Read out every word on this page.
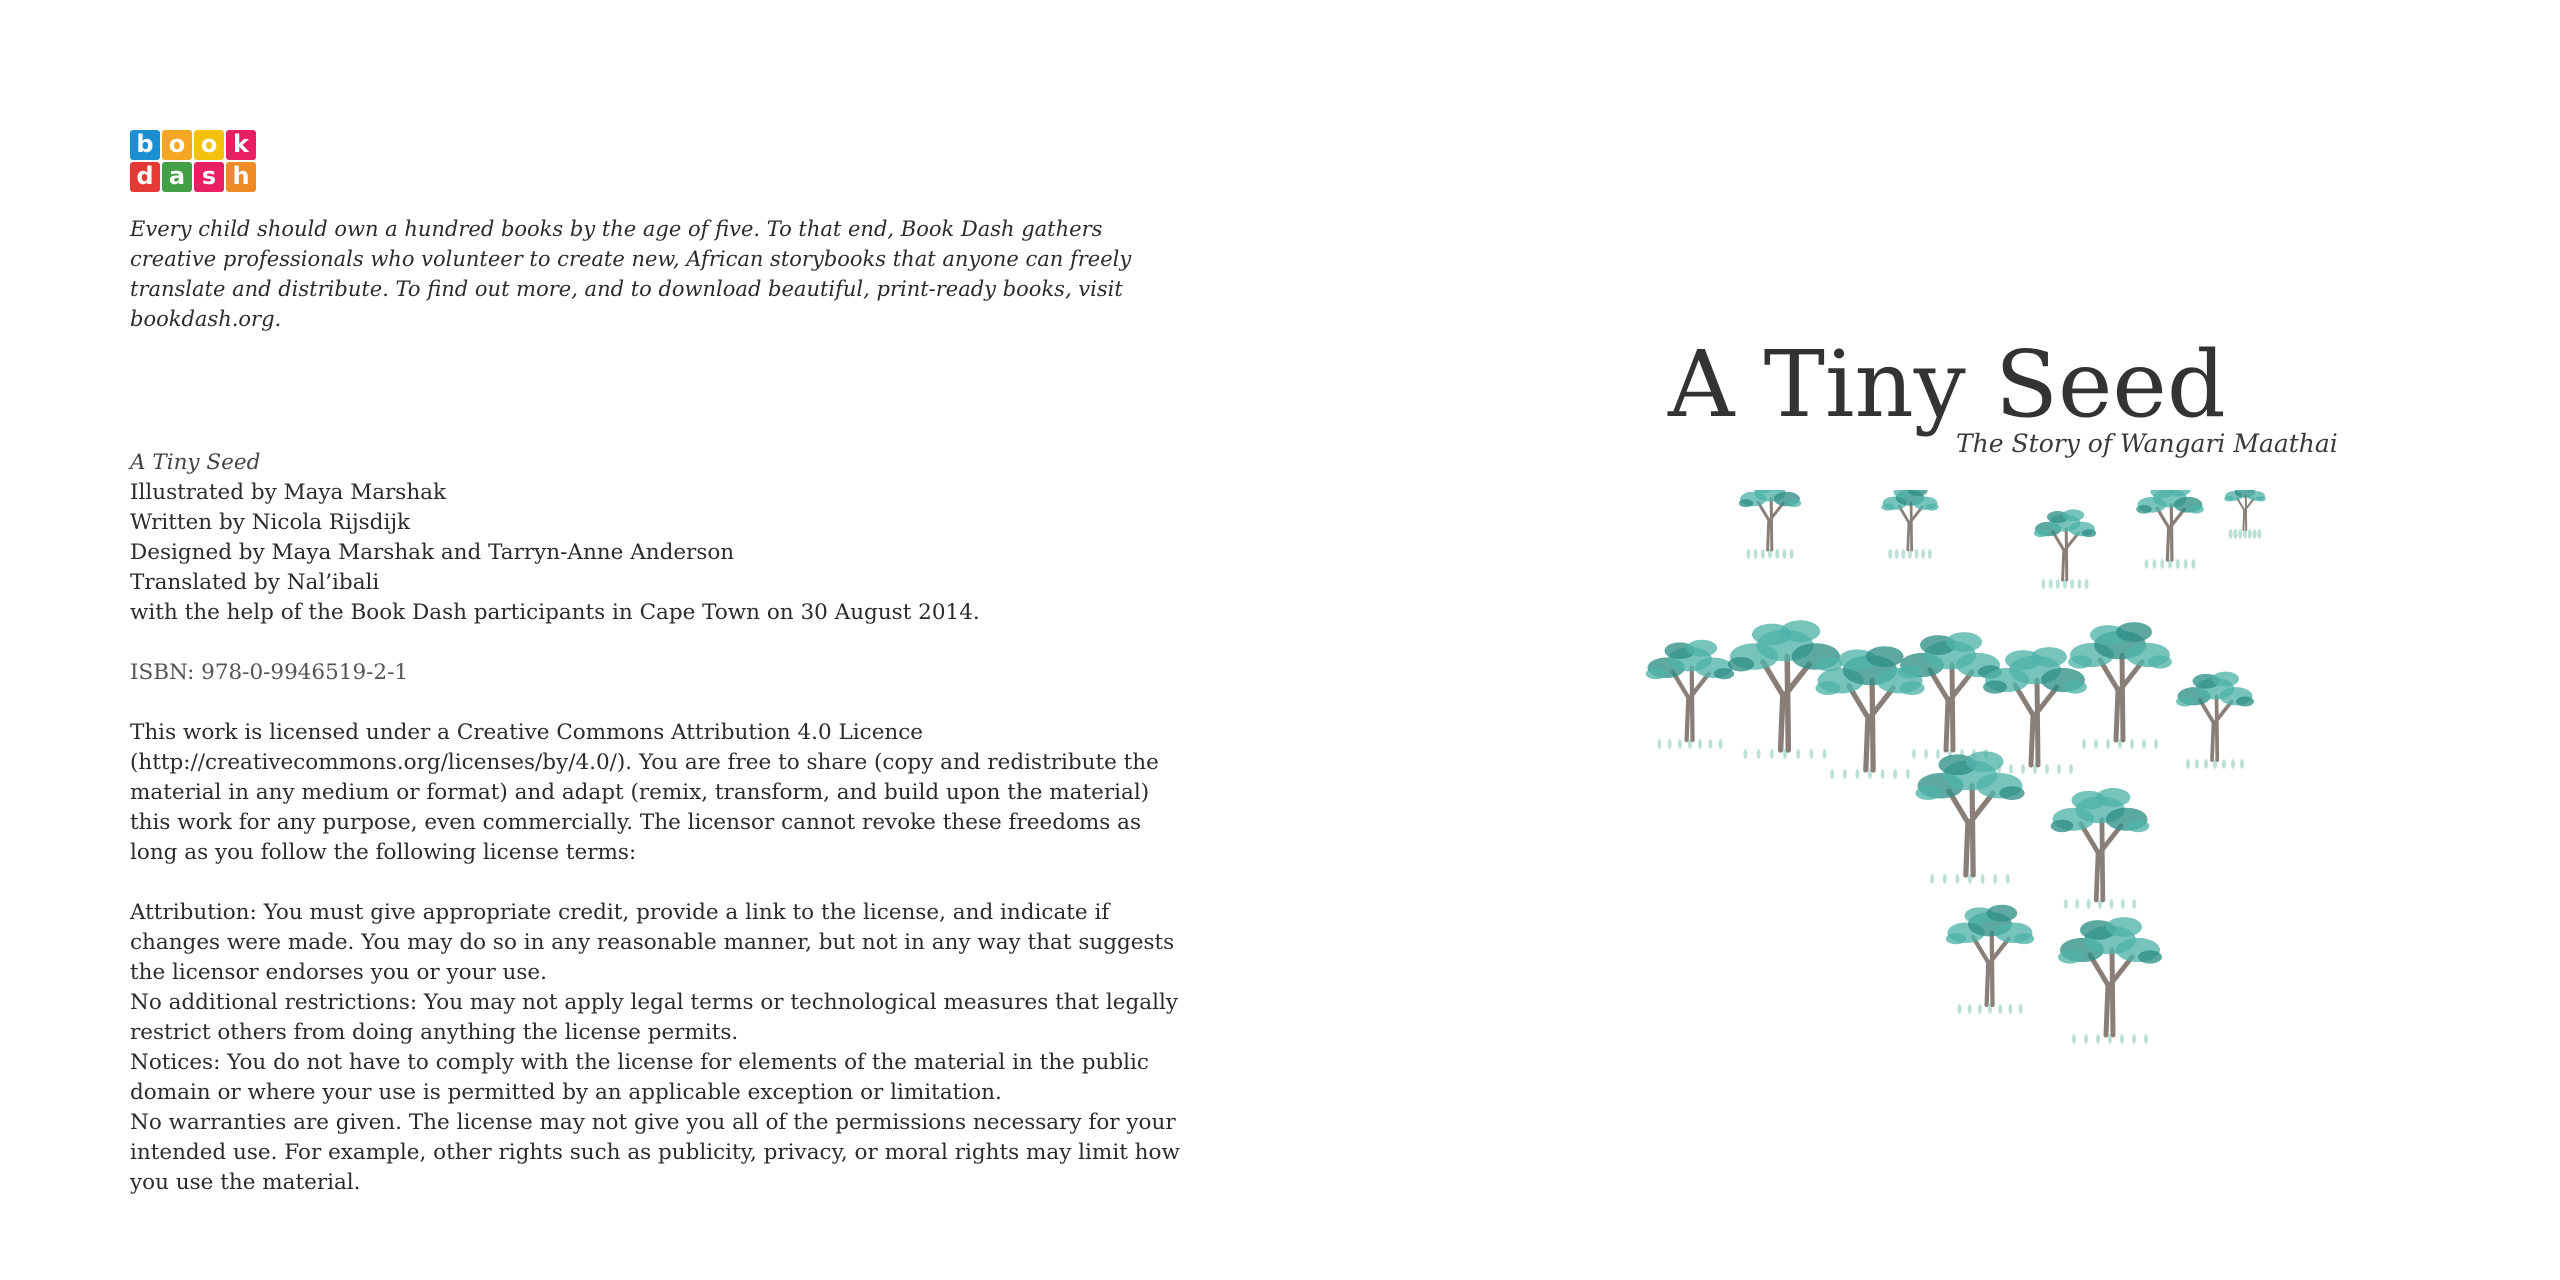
b o o k
d a s h
Every child should own a hundred books by the age of five. To that end, Book Dash gathers creative professionals who volunteer to create new, African storybooks that anyone can freely translate and distribute. To find out more, and to download beautiful, print-ready books, visit bookdash.org.
A Tiny Seed
Illustrated by Maya Marshak
Written by Nicola Rijsdijk
Designed by Maya Marshak and Tarryn-Anne Anderson
Translated by Nal’ibali
with the help of the Book Dash participants in Cape Town on 30 August 2014.
ISBN: 978-0-9946519-2-1
This work is licensed under a Creative Commons Attribution 4.0 Licence (http://creativecommons.org/licenses/by/4.0/). You are free to share (copy and redistribute the material in any medium or format) and adapt (remix, transform, and build upon the material) this work for any purpose, even commercially. The licensor cannot revoke these freedoms as long as you follow the following license terms:
Attribution: You must give appropriate credit, provide a link to the license, and indicate if changes were made. You may do so in any reasonable manner, but not in any way that suggests the licensor endorses you or your use.
No additional restrictions: You may not apply legal terms or technological measures that legally restrict others from doing anything the license permits.
Notices: You do not have to comply with the license for elements of the material in the public domain or where your use is permitted by an applicable exception or limitation.
No warranties are given. The license may not give you all of the permissions necessary for your intended use. For example, other rights such as publicity, privacy, or moral rights may limit how you use the material.
A Tiny Seed
The Story of Wangari Maathai
